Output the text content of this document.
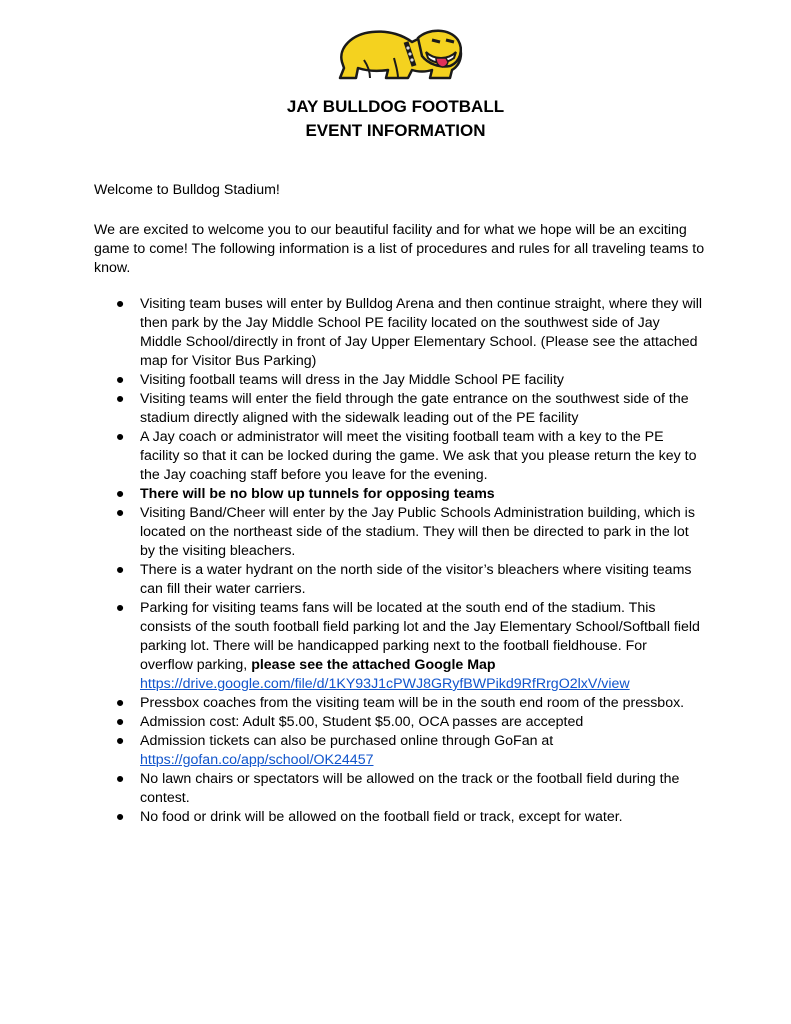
JAY BULLDOG FOOTBALL
EVENT INFORMATION
Welcome to Bulldog Stadium!
We are excited to welcome you to our beautiful facility and for what we hope will be an exciting game to come! The following information is a list of procedures and rules for all traveling teams to know.
● Visiting team buses will enter by Bulldog Arena and then continue straight, where they will then park by the Jay Middle School PE facility located on the southwest side of Jay Middle School/directly in front of Jay Upper Elementary School. (Please see the attached map for Visitor Bus Parking)
● Visiting football teams will dress in the Jay Middle School PE facility
● Visiting teams will enter the field through the gate entrance on the southwest side of the stadium directly aligned with the sidewalk leading out of the PE facility
● A Jay coach or administrator will meet the visiting football team with a key to the PE facility so that it can be locked during the game. We ask that you please return the key to the Jay coaching staff before you leave for the evening.
● There will be no blow up tunnels for opposing teams
● Visiting Band/Cheer will enter by the Jay Public Schools Administration building, which is located on the northeast side of the stadium. They will then be directed to park in the lot by the visiting bleachers.
● There is a water hydrant on the north side of the visitor’s bleachers where visiting teams can fill their water carriers.
● Parking for visiting teams fans will be located at the south end of the stadium. This consists of the south football field parking lot and the Jay Elementary School/Softball field parking lot. There will be handicapped parking next to the football fieldhouse. For overflow parking, please see the attached Google Map
https://drive.google.com/file/d/1KY93J1cPWJ8GRyfBWPikd9RfRrgO2lxV/view
● Pressbox coaches from the visiting team will be in the south end room of the pressbox.
● Admission cost: Adult $5.00, Student $5.00, OCA passes are accepted
● Admission tickets can also be purchased online through GoFan at https://gofan.co/app/school/OK24457
● No lawn chairs or spectators will be allowed on the track or the football field during the contest.
● No food or drink will be allowed on the football field or track, except for water.
